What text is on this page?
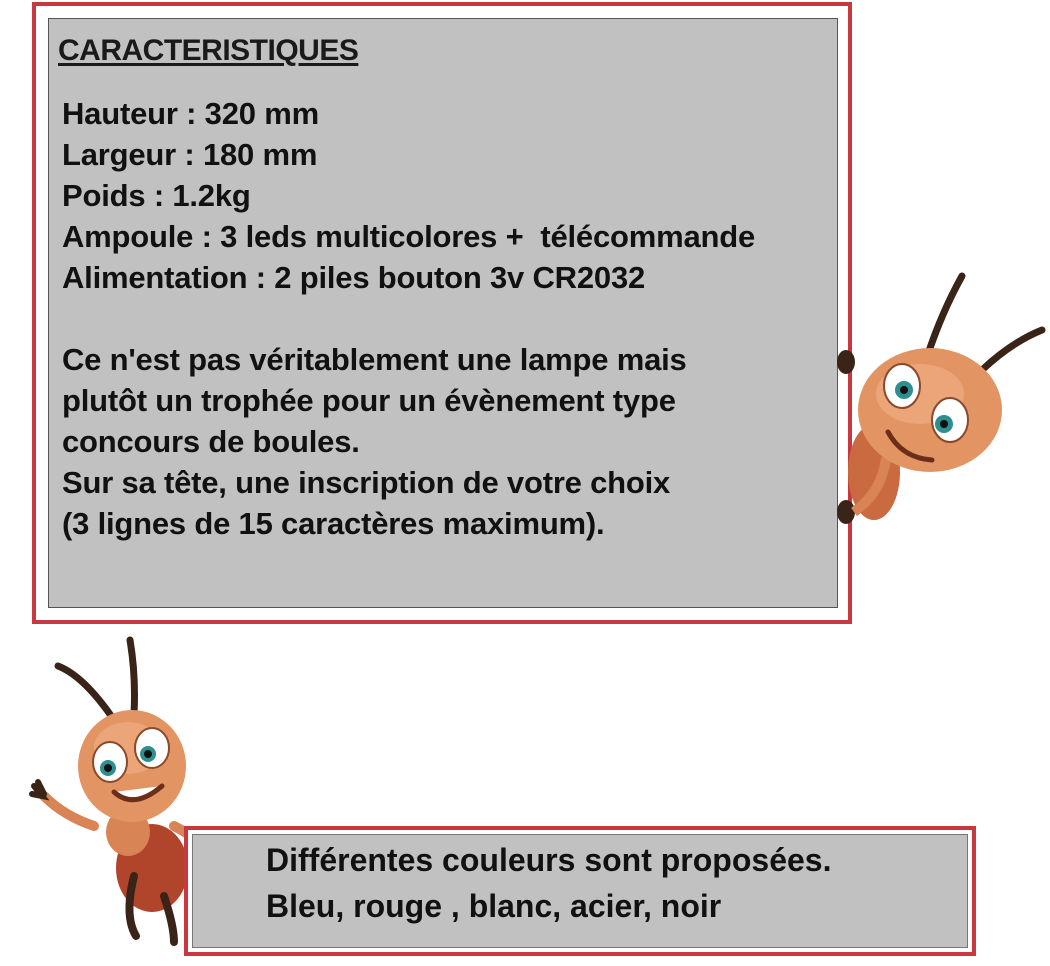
CARACTERISTIQUES

Hauteur : 320 mm

Largeur : 180 mm

Poids : 1.2kg

Ampoule : 3 leds multicolores +  télécommande

Alimentation : 2 piles bouton 3v CR2032

Ce n'est pas véritablement une lampe mais

plutôt un trophée pour un évènement type

concours de boules.

Sur sa tête, une inscription de votre choix

(3 lignes de 15 caractères maximum).

Différentes couleurs sont proposées.

Bleu, rouge , blanc, acier, noir
